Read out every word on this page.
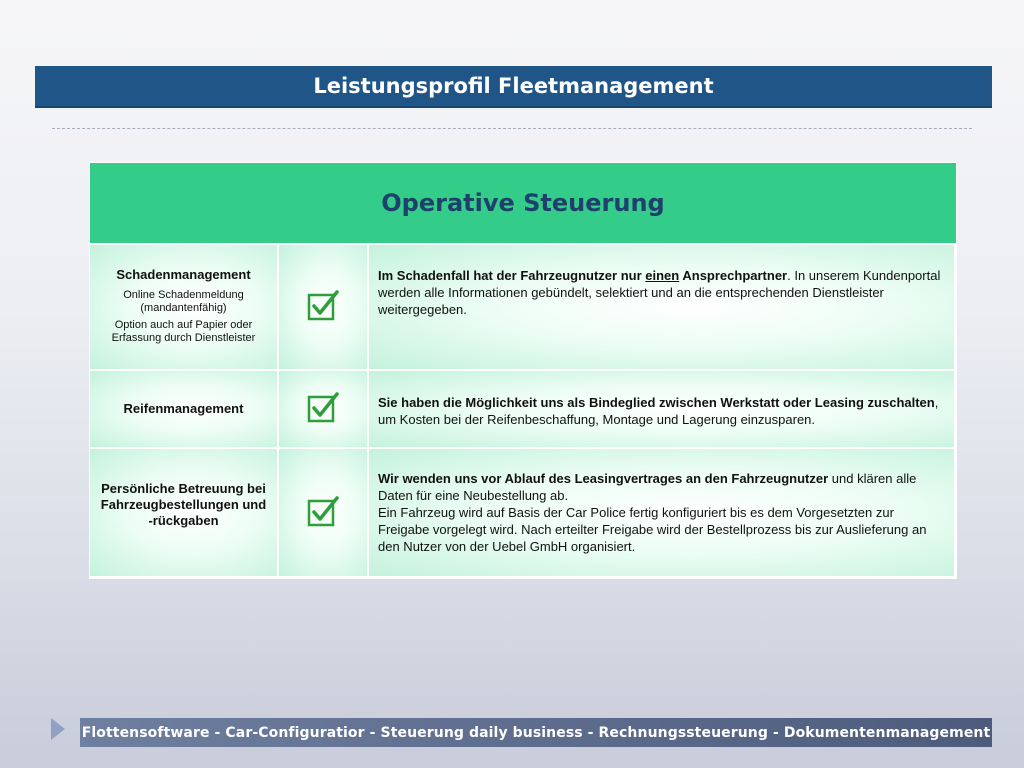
Leistungsprofil Fleetmanagement
Operative Steuerung
Schadenmanagement
Online Schadenmeldung (mandantenfähig)
Option auch auf Papier oder Erfassung durch Dienstleister
Im Schadenfall hat der Fahrzeugnutzer nur einen Ansprechpartner. In unserem Kundenportal werden alle Informationen gebündelt, selektiert und an die entsprechenden Dienstleister weitergegeben.
Reifenmanagement	Sie haben die Möglichkeit uns als Bindeglied zwischen Werkstatt oder Leasing zuschalten, um Kosten bei der Reifenbeschaffung, Montage und Lagerung einzusparen.
Persönliche Betreuung bei Fahrzeugbestellungen und -rückgaben
Wir wenden uns vor Ablauf des Leasingvertrages an den Fahrzeugnutzer und klären alle Daten für eine Neubestellung ab.
Ein Fahrzeug wird auf Basis der Car Police fertig konfiguriert bis es dem Vorgesetzten zur Freigabe vorgelegt wird. Nach erteilter Freigabe wird der Bestellprozess bis zur Auslieferung an den Nutzer von der Uebel GmbH organisiert.
Flottensoftware - Car-Configuratior - Steuerung daily business - Rechnungssteuerung - Dokumentenmanagement
